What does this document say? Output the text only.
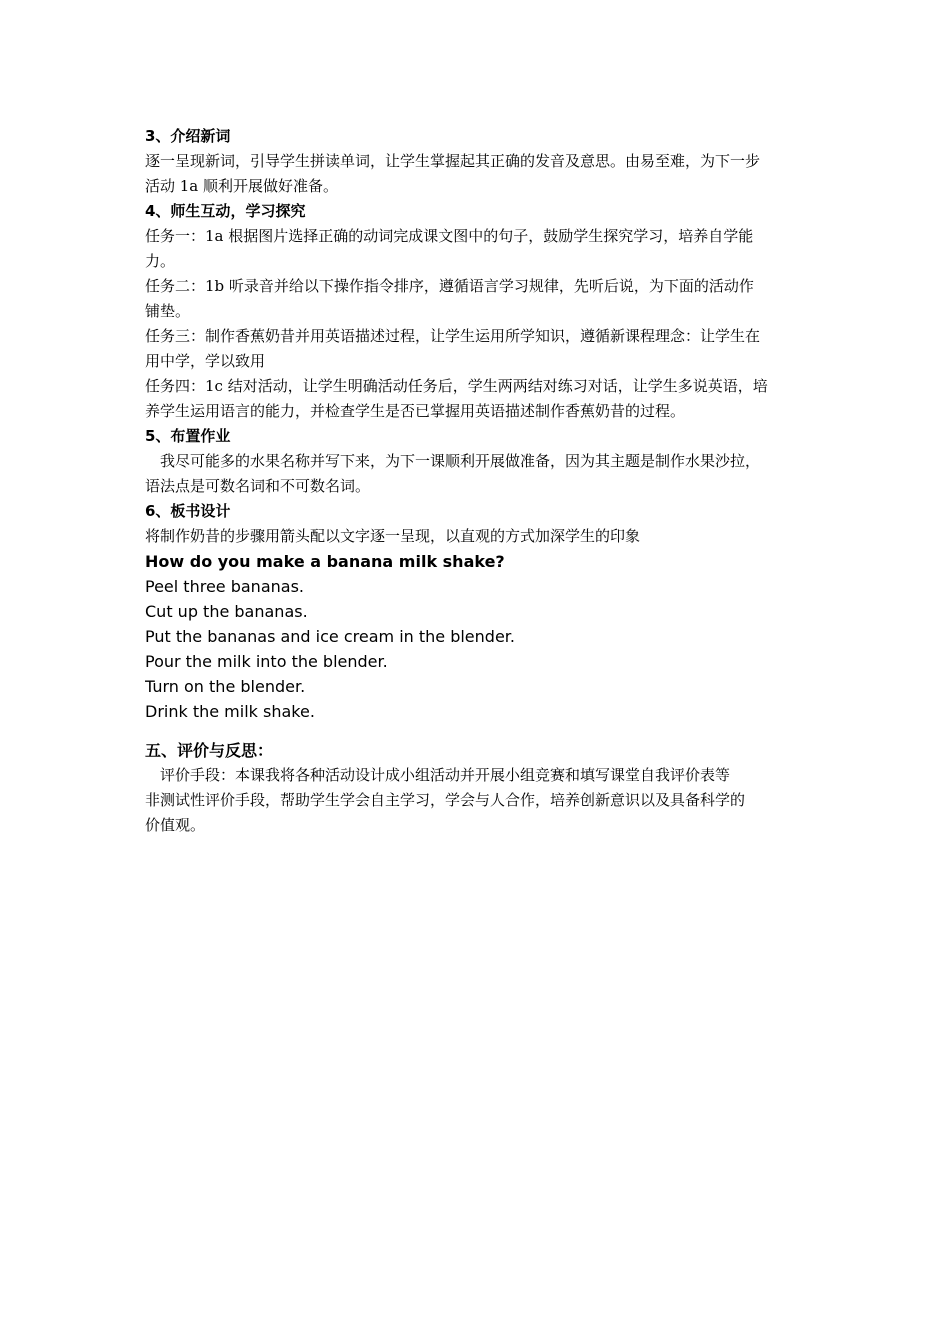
3、介绍新词
逐一呈现新词，引导学生拼读单词，让学生掌握起其正确的发音及意思。由易至难，为下一步
活动 1a 顺利开展做好准备。
4、师生互动，学习探究
任务一：1a 根据图片选择正确的动词完成课文图中的句子，鼓励学生探究学习，培养自学能
力。
任务二：1b 听录音并给以下操作指令排序，遵循语言学习规律，先听后说，为下面的活动作
铺垫。
任务三：制作香蕉奶昔并用英语描述过程，让学生运用所学知识，遵循新课程理念：让学生在
用中学，学以致用
任务四：1c 结对活动，让学生明确活动任务后，学生两两结对练习对话，让学生多说英语，培
养学生运用语言的能力，并检查学生是否已掌握用英语描述制作香蕉奶昔的过程。
5、布置作业
　我尽可能多的水果名称并写下来，为下一课顺利开展做准备，因为其主题是制作水果沙拉，
语法点是可数名词和不可数名词。
6、板书设计
将制作奶昔的步骤用箭头配以文字逐一呈现，以直观的方式加深学生的印象
How do you make a banana milk shake?
Peel three bananas.
Cut up the bananas.
Put the bananas and ice cream in the blender.
Pour the milk into the blender.
Turn on the blender.
Drink the milk shake.
五、评价与反思：
　评价手段：本课我将各种活动设计成小组活动并开展小组竞赛和填写课堂自我评价表等
非测试性评价手段，帮助学生学会自主学习，学会与人合作，培养创新意识以及具备科学的
价值观。
